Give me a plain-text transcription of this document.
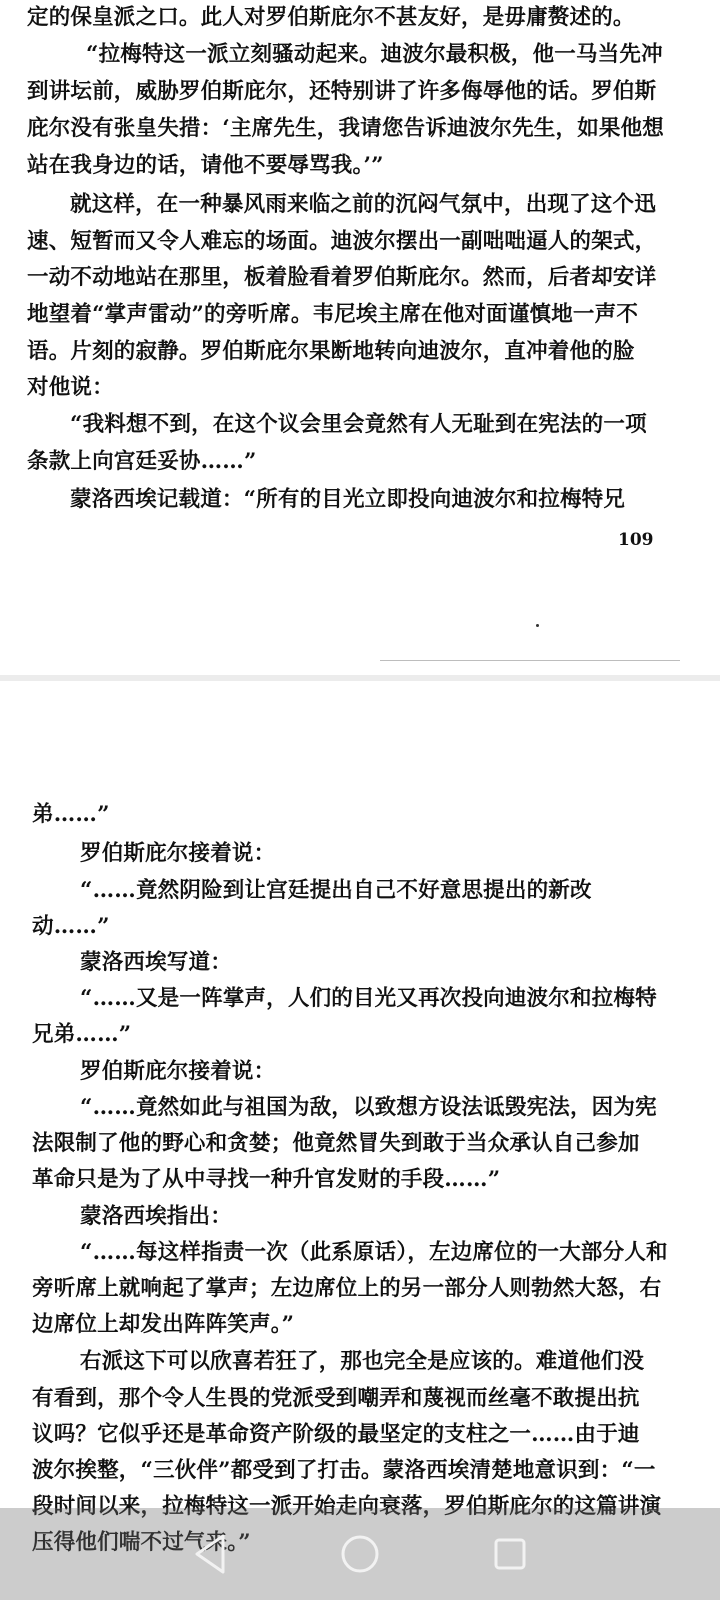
定的保皇派之口。此人对罗伯斯庇尔不甚友好，是毋庸赘述的。
“拉梅特这一派立刻骚动起来。迪波尔最积极，他一马当先冲
到讲坛前，威胁罗伯斯庇尔，还特别讲了许多侮辱他的话。罗伯斯
庇尔没有张皇失措：‘主席先生，我请您告诉迪波尔先生，如果他想
站在我身边的话，请他不要辱骂我。’”
就这样，在一种暴风雨来临之前的沉闷气氛中，出现了这个迅
速、短暂而又令人难忘的场面。迪波尔摆出一副咄咄逼人的架式，
一动不动地站在那里，板着脸看着罗伯斯庇尔。然而，后者却安详
地望着“掌声雷动”的旁听席。韦尼埃主席在他对面谨慎地一声不
语。片刻的寂静。罗伯斯庇尔果断地转向迪波尔，直冲着他的脸
对他说：
“我料想不到，在这个议会里会竟然有人无耻到在宪法的一项
条款上向宫廷妥协……”
蒙洛西埃记载道：“所有的目光立即投向迪波尔和拉梅特兄
109
弟……”
罗伯斯庇尔接着说：
“……竟然阴险到让宫廷提出自己不好意思提出的新改
动……”
蒙洛西埃写道：
“……又是一阵掌声，人们的目光又再次投向迪波尔和拉梅特
兄弟……”
罗伯斯庇尔接着说：
“……竟然如此与祖国为敌，以致想方设法诋毁宪法，因为宪
法限制了他的野心和贪婪；他竟然冒失到敢于当众承认自己参加
革命只是为了从中寻找一种升官发财的手段……”
蒙洛西埃指出：
“……每这样指责一次（此系原话），左边席位的一大部分人和
旁听席上就响起了掌声；左边席位上的另一部分人则勃然大怒，右
边席位上却发出阵阵笑声。”
右派这下可以欣喜若狂了，那也完全是应该的。难道他们没
有看到，那个令人生畏的党派受到嘲弄和蔑视而丝毫不敢提出抗
议吗？它似乎还是革命资产阶级的最坚定的支柱之一……由于迪
波尔挨整，“三伙伴”都受到了打击。蒙洛西埃清楚地意识到：“一
段时间以来，拉梅特这一派开始走向衰落，罗伯斯庇尔的这篇讲演
压得他们喘不过气来。”
